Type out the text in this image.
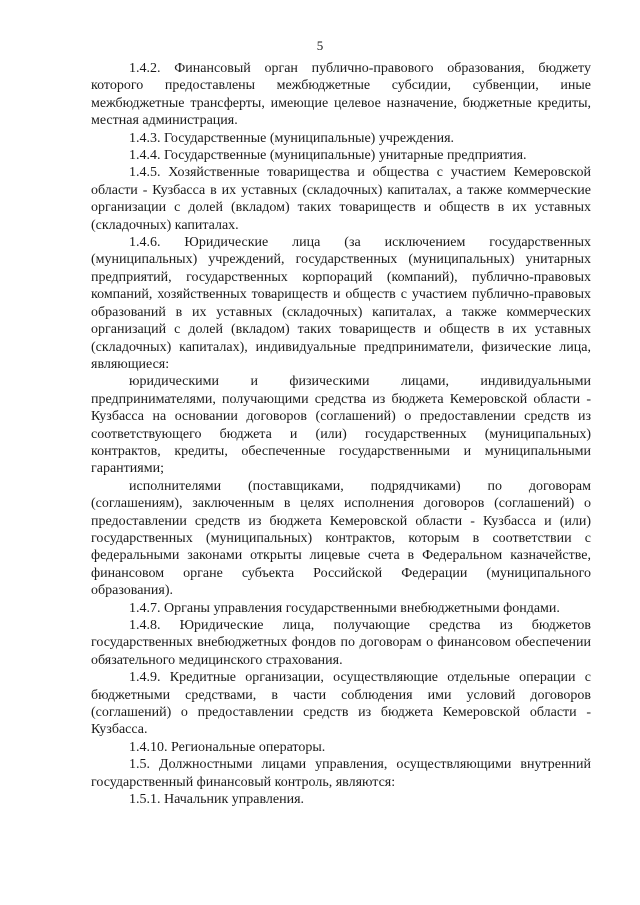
5

1.4.2. Финансовый орган публично-правового образования, бюджету которого предоставлены межбюджетные субсидии, субвенции, иные межбюджетные трансферты, имеющие целевое назначение, бюджетные кредиты, местная администрация.

1.4.3. Государственные (муниципальные) учреждения.

1.4.4. Государственные (муниципальные) унитарные предприятия.

1.4.5. Хозяйственные товарищества и общества с участием Кемеровской области - Кузбасса в их уставных (складочных) капиталах, а также коммерческие организации с долей (вкладом) таких товариществ и обществ в их уставных (складочных) капиталах.

1.4.6. Юридические лица (за исключением государственных (муниципальных) учреждений, государственных (муниципальных) унитарных предприятий, государственных корпораций (компаний), публично-правовых компаний, хозяйственных товариществ и обществ с участием публично-правовых образований в их уставных (складочных) капиталах, а также коммерческих организаций с долей (вкладом) таких товариществ и обществ в их уставных (складочных) капиталах), индивидуальные предприниматели, физические лица, являющиеся:

юридическими и физическими лицами, индивидуальными предпринимателями, получающими средства из бюджета Кемеровской области - Кузбасса на основании договоров (соглашений) о предоставлении средств из соответствующего бюджета и (или) государственных (муниципальных) контрактов, кредиты, обеспеченные государственными и муниципальными гарантиями;

исполнителями (поставщиками, подрядчиками) по договорам (соглашениям), заключенным в целях исполнения договоров (соглашений) о предоставлении средств из бюджета Кемеровской области - Кузбасса и (или) государственных (муниципальных) контрактов, которым в соответствии с федеральными законами открыты лицевые счета в Федеральном казначействе, финансовом органе субъекта Российской Федерации (муниципального образования).

1.4.7. Органы управления государственными внебюджетными фондами.

1.4.8. Юридические лица, получающие средства из бюджетов государственных внебюджетных фондов по договорам о финансовом обеспечении обязательного медицинского страхования.

1.4.9. Кредитные организации, осуществляющие отдельные операции с бюджетными средствами, в части соблюдения ими условий договоров (соглашений) о предоставлении средств из бюджета Кемеровской области - Кузбасса.

1.4.10. Региональные операторы.

1.5. Должностными лицами управления, осуществляющими внутренний государственный финансовый контроль, являются:

1.5.1. Начальник управления.
